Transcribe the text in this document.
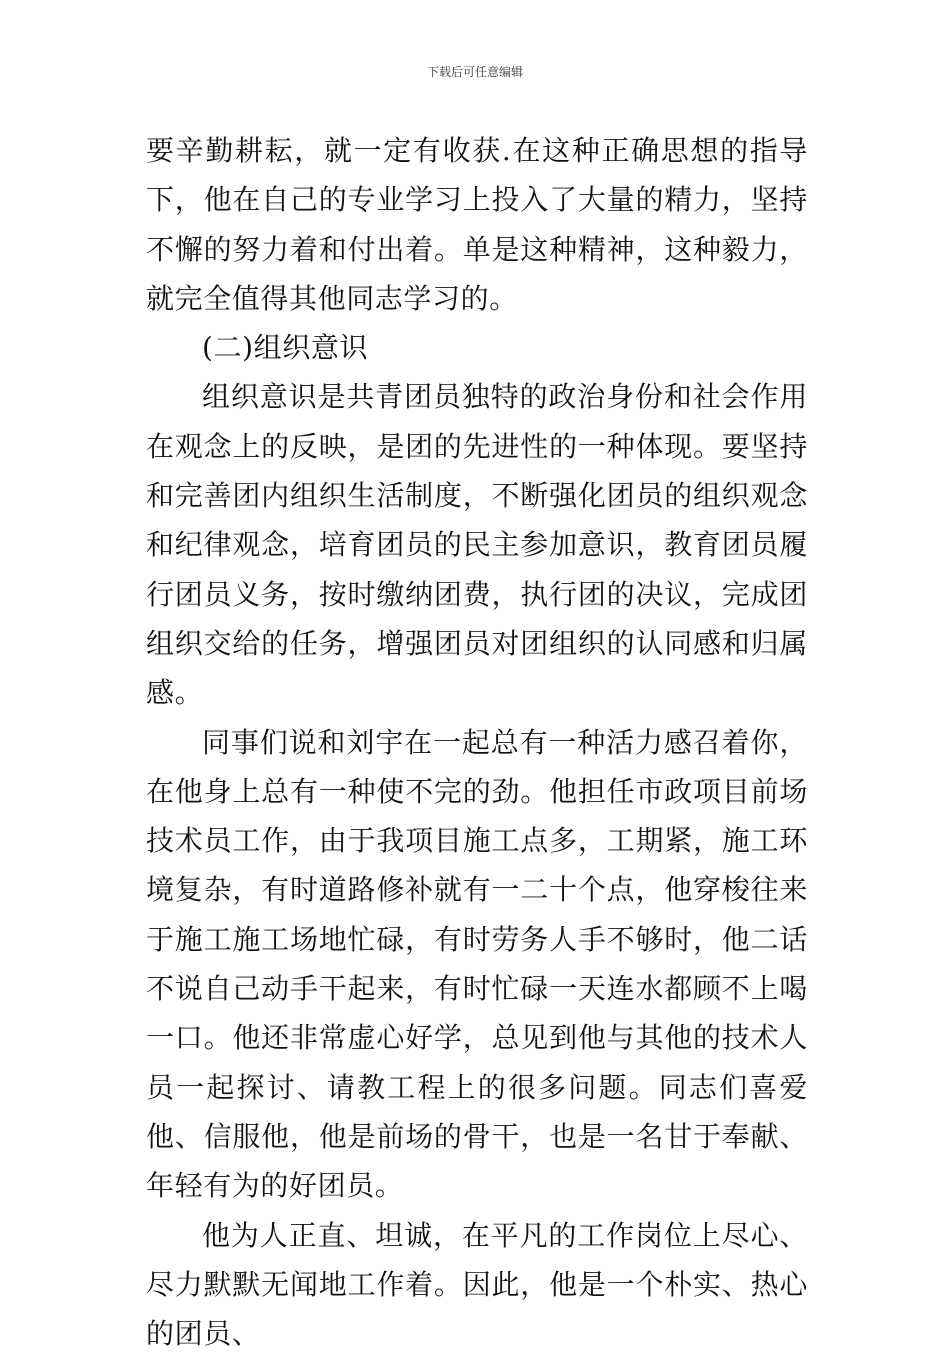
下载后可任意编辑

要辛勤耕耘，就一定有收获.在这种正确思想的指导下，他在自己的专业学习上投入了大量的精力，坚持不懈的努力着和付出着。单是这种精神，这种毅力，就完全值得其他同志学习的。

(二)组织意识

组织意识是共青团员独特的政治身份和社会作用在观念上的反映，是团的先进性的一种体现。要坚持和完善团内组织生活制度，不断强化团员的组织观念和纪律观念，培育团员的民主参加意识，教育团员履行团员义务，按时缴纳团费，执行团的决议，完成团组织交给的任务，增强团员对团组织的认同感和归属感。

同事们说和刘宇在一起总有一种活力感召着你，在他身上总有一种使不完的劲。他担任市政项目前场技术员工作，由于我项目施工点多，工期紧，施工环境复杂，有时道路修补就有一二十个点，他穿梭往来于施工施工场地忙碌，有时劳务人手不够时，他二话不说自己动手干起来，有时忙碌一天连水都顾不上喝一口。他还非常虚心好学，总见到他与其他的技术人员一起探讨、请教工程上的很多问题。同志们喜爱他、信服他，他是前场的骨干，也是一名甘于奉献、年轻有为的好团员。

他为人正直、坦诚，在平凡的工作岗位上尽心、尽力默默无闻地工作着。因此，他是一个朴实、热心的团员、
